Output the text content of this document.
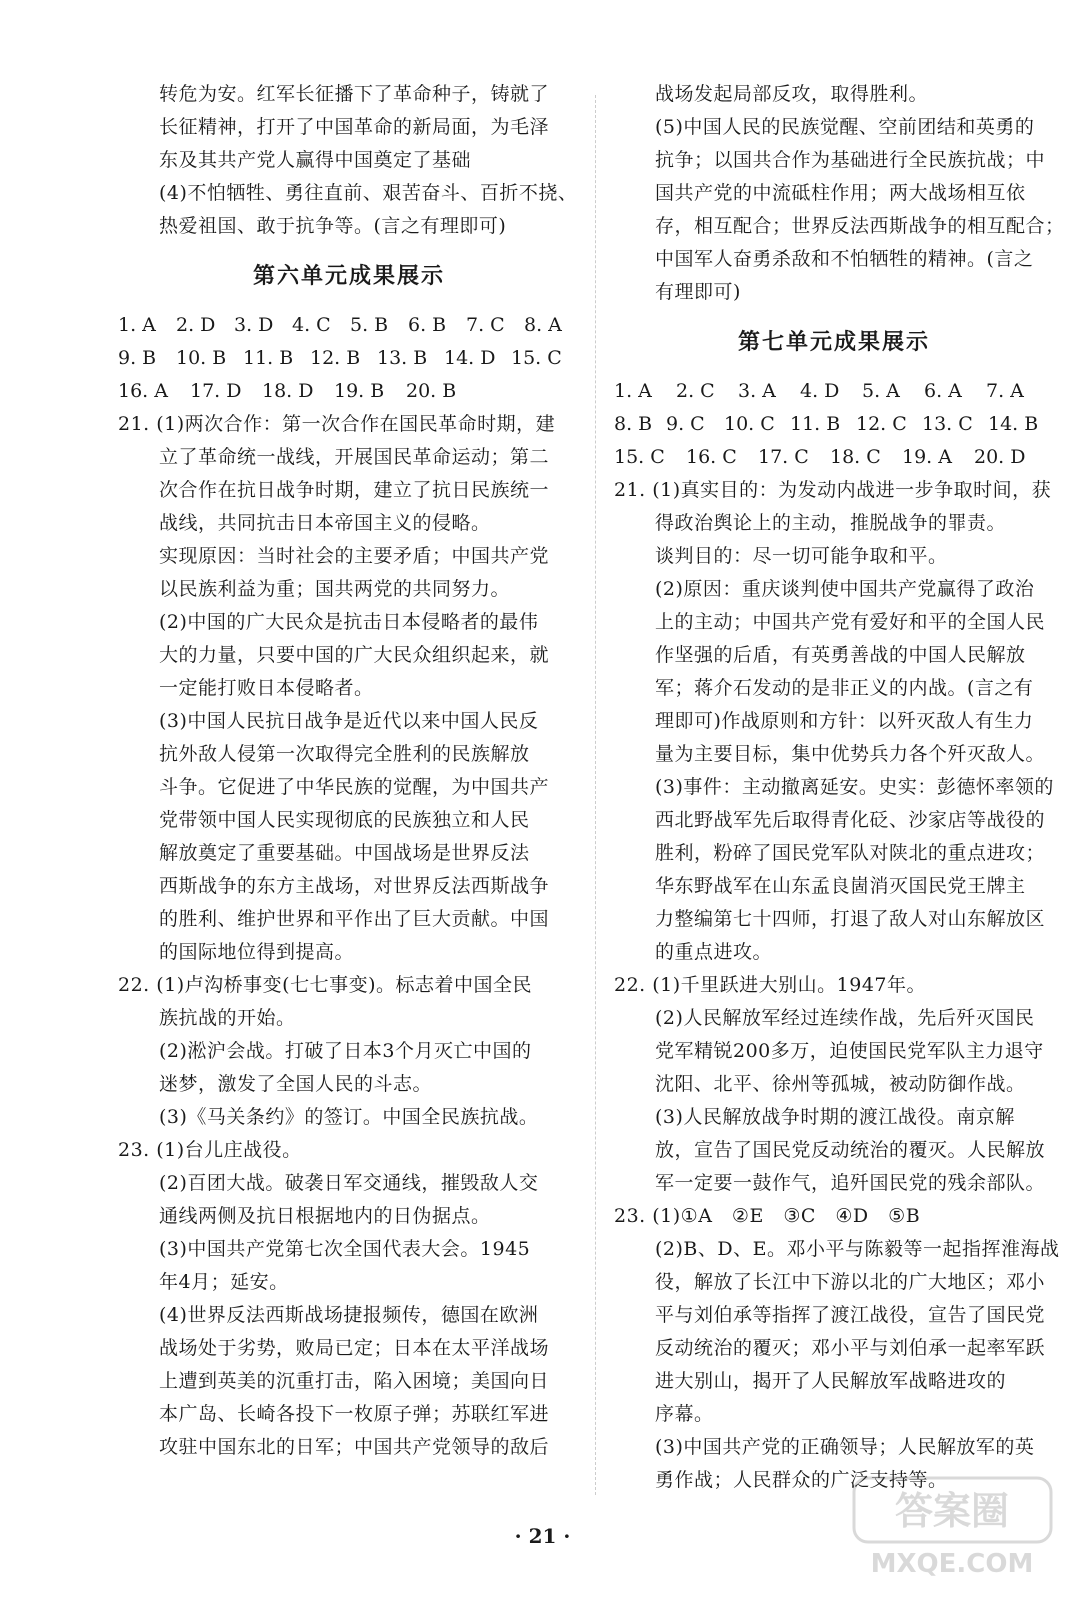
转危为安。红军长征播下了革命种子，铸就了
长征精神，打开了中国革命的新局面，为毛泽
东及其共产党人赢得中国奠定了基础
(4)不怕牺牲、勇往直前、艰苦奋斗、百折不挠、
热爱祖国、敢于抗争等。(言之有理即可)
第六单元成果展示
1. A	2. D 3. D 4. C	5. B	6. B	7. C	8. A
9. B	10. B 11. B 12. B 13. B 14. D 15. C
16. A	17. D	18. D	19. B	20. B
21. (1)两次合作：第一次合作在国民革命时期，建
立了革命统一战线，开展国民革命运动；第二
次合作在抗日战争时期，建立了抗日民族统一
战线，共同抗击日本帝国主义的侵略。
实现原因：当时社会的主要矛盾；中国共产党
以民族利益为重；国共两党的共同努力。
(2)中国的广大民众是抗击日本侵略者的最伟
大的力量，只要中国的广大民众组织起来，就
一定能打败日本侵略者。
(3)中国人民抗日战争是近代以来中国人民反
抗外敌人侵第一次取得完全胜利的民族解放
斗争。它促进了中华民族的觉醒，为中国共产
党带领中国人民实现彻底的民族独立和人民
解放奠定了重要基础。中国战场是世界反法
西斯战争的东方主战场，对世界反法西斯战争
的胜利、维护世界和平作出了巨大贡献。中国
的国际地位得到提高。
22. (1)卢沟桥事变(七七事变)。标志着中国全民
族抗战的开始。
(2)淞沪会战。打破了日本3个月灭亡中国的
迷梦，激发了全国人民的斗志。
(3)《马关条约》的签订。中国全民族抗战。
23. (1)台儿庄战役。
(2)百团大战。破袭日军交通线，摧毁敌人交
通线两侧及抗日根据地内的日伪据点。
(3)中国共产党第七次全国代表大会。1945
年4月；延安。
(4)世界反法西斯战场捷报频传，德国在欧洲
战场处于劣势，败局已定；日本在太平洋战场
上遭到英美的沉重打击，陷入困境；美国向日
本广岛、长崎各投下一枚原子弹；苏联红军进
攻驻中国东北的日军；中国共产党领导的敌后
战场发起局部反攻，取得胜利。
(5)中国人民的民族觉醒、空前团结和英勇的
抗争；以国共合作为基础进行全民族抗战；中
国共产党的中流砥柱作用；两大战场相互依
存，相互配合；世界反法西斯战争的相互配合；
中国军人奋勇杀敌和不怕牺牲的精神。(言之
有理即可)
第七单元成果展示
1. A	2. C	3. A	4. D	5. A	6. A	7. A
8. B 9. C	10. C 11. B 12. C 13. C 14. B
15. C	16. C	17. C	18. C	19. A	20. D
21. (1)真实目的：为发动内战进一步争取时间，获
得政治舆论上的主动，推脱战争的罪责。
谈判目的：尽一切可能争取和平。
(2)原因：重庆谈判使中国共产党赢得了政治
上的主动；中国共产党有爱好和平的全国人民
作坚强的后盾，有英勇善战的中国人民解放
军；蒋介石发动的是非正义的内战。(言之有
理即可)作战原则和方针：以歼灭敌人有生力
量为主要目标，集中优势兵力各个歼灭敌人。
(3)事件：主动撤离延安。史实：彭德怀率领的
西北野战军先后取得青化砭、沙家店等战役的
胜利，粉碎了国民党军队对陕北的重点进攻；
华东野战军在山东孟良崮消灭国民党王牌主
力整编第七十四师，打退了敌人对山东解放区
的重点进攻。
22. (1)千里跃进大别山。1947年。
(2)人民解放军经过连续作战，先后歼灭国民
党军精锐200多万，迫使国民党军队主力退守
沈阳、北平、徐州等孤城，被动防御作战。
(3)人民解放战争时期的渡江战役。南京解
放，宣告了国民党反动统治的覆灭。人民解放
军一定要一鼓作气，追歼国民党的残余部队。
23. (1)①A　②E　③C　④D　⑤B
(2)B、D、E。邓小平与陈毅等一起指挥淮海战
役，解放了长江中下游以北的广大地区；邓小
平与刘伯承等指挥了渡江战役，宣告了国民党
反动统治的覆灭；邓小平与刘伯承一起率军跃
进大别山，揭开了人民解放军战略进攻的
序幕。
(3)中国共产党的正确领导；人民解放军的英
勇作战；人民群众的广泛支持等。
· 21 ·
答案圈
MXQE.COM
